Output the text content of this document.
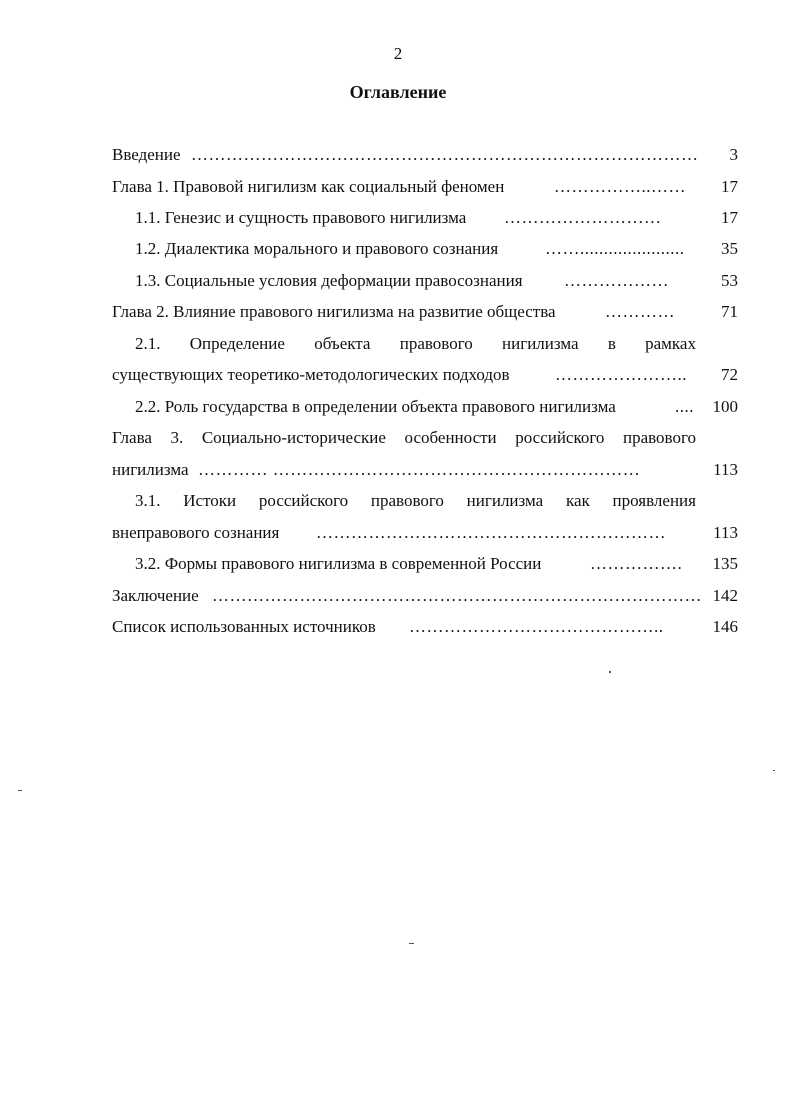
2
Оглавление
Введение …………………………………………………………………………… 3
Глава 1. Правовой нигилизм как социальный феномен	……………..…… 17
1.1. Генезис и сущность правового нигилизма ………………………	17
1.2. Диалектика морального и правового сознания	……...................... 35
1.3. Социальные условия деформации правосознания ………………	53
Глава 2. Влияние правового нигилизма на развитие общества	…………	71
2.1. Определение объекта правового нигилизма в рамках
существующих теоретико-методологических подходов	………………….. 72
2.2. Роль государства в определении объекта правового нигилизма	.... 100
Глава 3. Социально-исторические особенности российского правового
нигилизма ………… ………………………………………………………	113
3.1. Истоки российского правового нигилизма как проявления
внеправового сознания ……………………………………………………	113
3.2. Формы правового нигилизма в современной России	……………. 135
Заключение ………………………………………………………………………… 142
Список использованных источников ……………………………………..	146
